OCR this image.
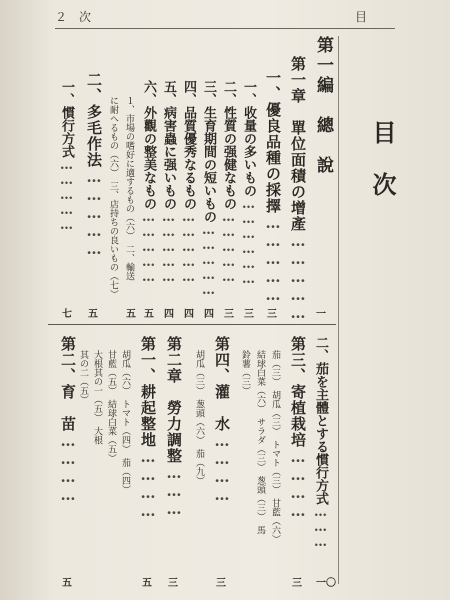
２　次	目
目次
第一編　總　說
第一章　單位面積の增產……………
一、優良品種の採擇……………
一、收量の多いもの………………
二、性質の强健なもの……………
三、生育期間の短いもの……………
四、品質優秀なるもの……………
五、病害蟲に强いもの……………
六、外觀の整美なもの……………
１、市場の嗜好に適するもの（六）　二、輸送
に耐へるもの（六）　三、店持ちの良いもの（七）
二、多毛作法……………
一、慣行方式……………
一
三
三
三
四
四
四
五
五
五
七
二、茄を主體とする慣行方式………
第三、寄植栽培…………
茄（三）　胡瓜（三）　トマト（三）　甘藍（六）
結球白菜（六）　サラダ（三）　葱頭（三）　馬
鈴薯（三）
第四、灌　水…………
胡瓜（三）　葱頭（六）　茄（九）
第二章　勞力調整………
第一、耕起整地…………
胡瓜（六）　トマト（四）　茄（四）
甘藍（五）　結球白菜（五）
大根其の一（五）　大根
其の二（五）
第二、育　苗…………
一〇
三
三
三
五
五
